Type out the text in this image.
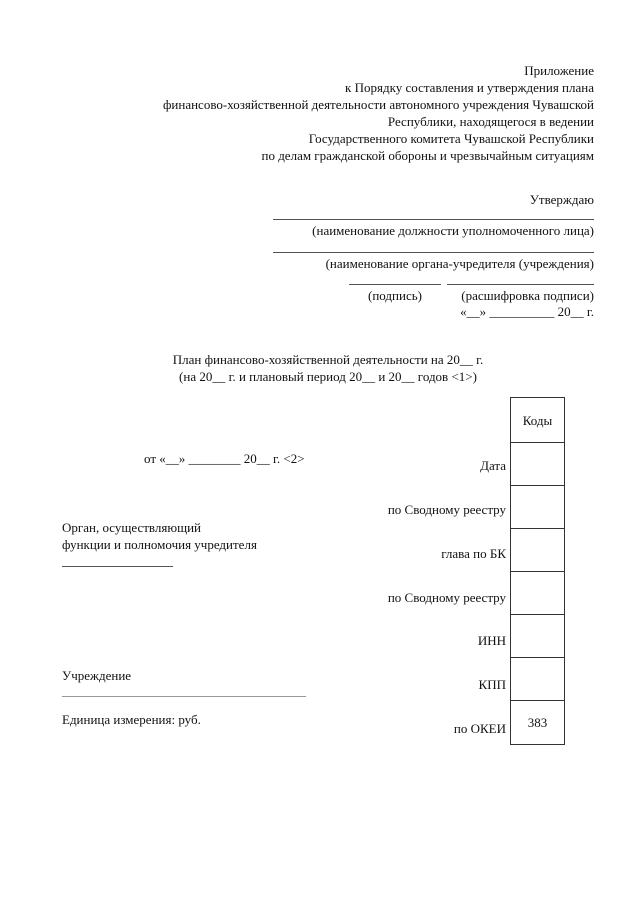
Приложение
к Порядку составления и утверждения плана
финансово-хозяйственной деятельности автономного учреждения Чувашской
Республики, находящегося в ведении
Государственного комитета Чувашской Республики
по делам гражданской обороны и чрезвычайным ситуациям
Утверждаю
(наименование должности уполномоченного лица)
(наименование органа-учредителя (учреждения)
(подпись)	(расшифровка подписи)
«__» __________ 20__ г.
План финансово-хозяйственной деятельности на 20__ г.
(на 20__ г. и плановый период 20__ и 20__ годов <1>)
от «__» ________ 20__ г. <2>
Орган, осуществляющий
функции и полномочия учредителя
Учреждение
Единица измерения: руб.
Дата
по Сводному реестру
глава по БК
по Сводному реестру
ИНН
КПП
по ОКЕИ
Коды
383
